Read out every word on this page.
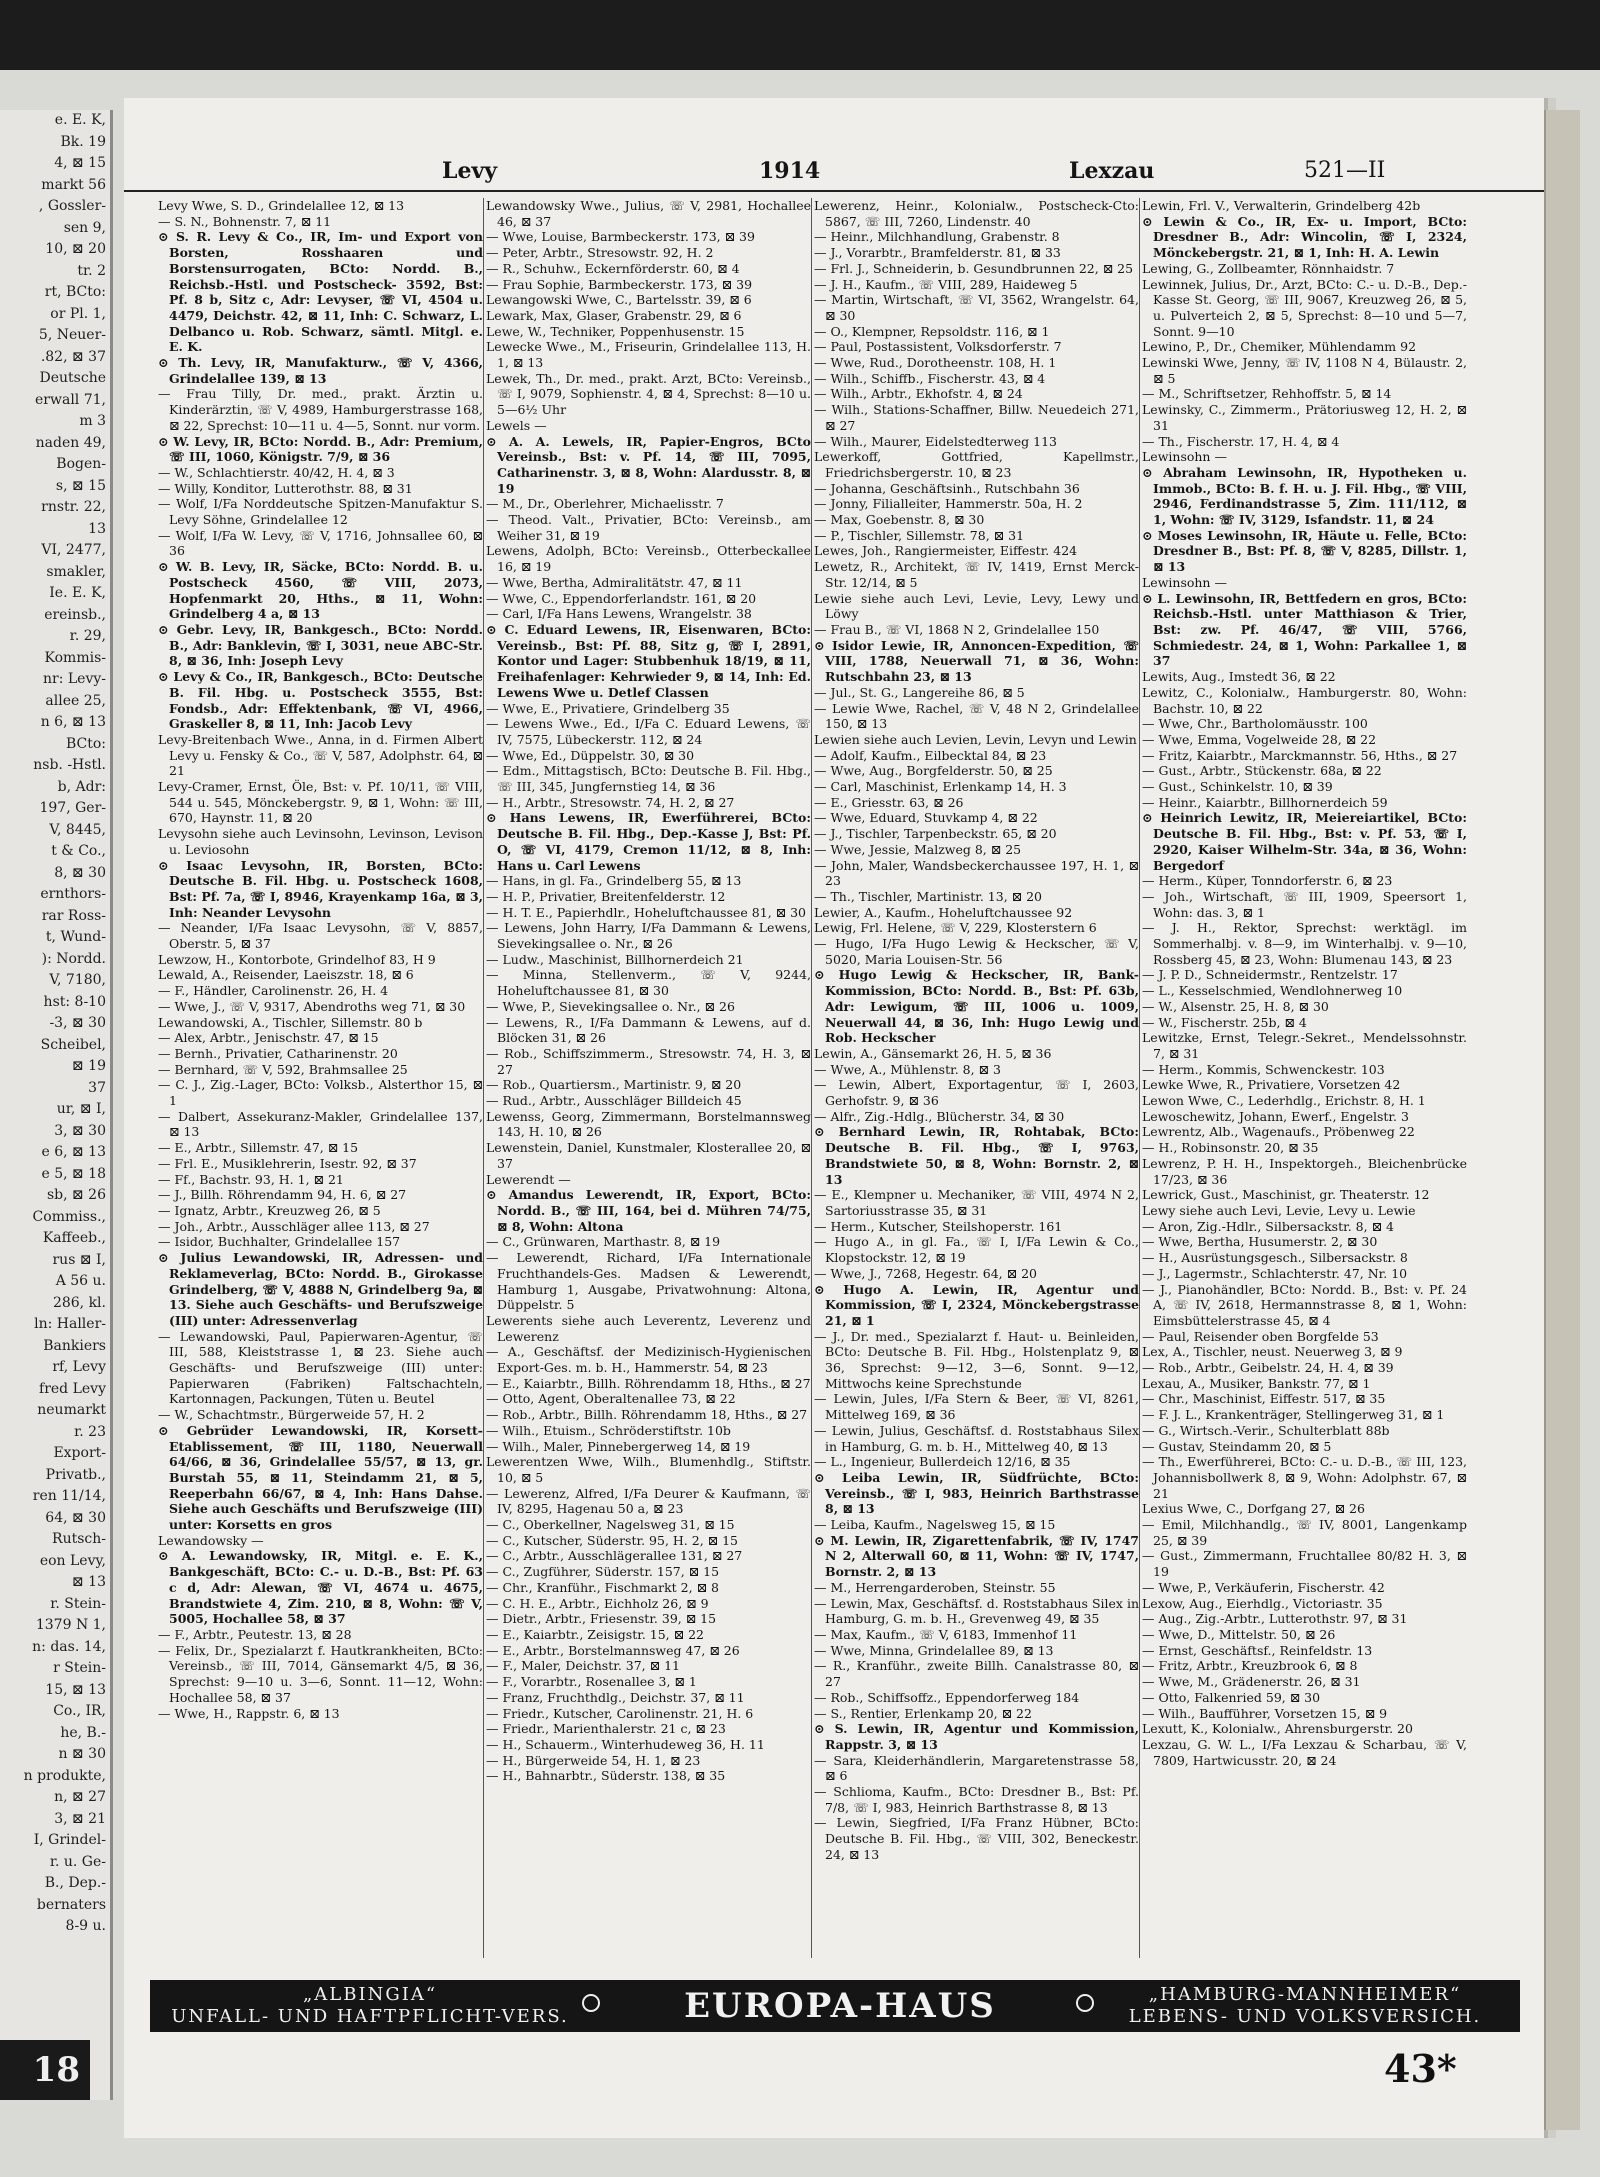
e. E. K,
Bk. 19
4, ⊠ 15
markt 56
, Gossler-
sen 9,
10, ⊠ 20
tr. 2
rt, BCto:
or Pl. 1,
5, Neuer-
.82, ⊠ 37
Deutsche
erwall 71,
m 3
naden 49,
Bogen-
s, ⊠ 15
rnstr. 22,
13
VI, 2477,
smakler,
Ie. E. K,
ereinsb.,
r. 29,
Kommis-
nr: Levy-
allee 25,
n 6, ⊠ 13
BCto:
nsb. -Hstl.
b, Adr:
197, Ger-
V, 8445,
t & Co.,
8, ⊠ 30
ernthors-
rar Ross-
t, Wund-
): Nordd.
V, 7180,
hst: 8-10
-3, ⊠ 30
Scheibel,
⊠ 19
37
ur, ⊠ I,
3, ⊠ 30
e 6, ⊠ 13
e 5, ⊠ 18
sb, ⊠ 26
Commiss.,
Kaffeeb.,
rus ⊠ I,
A 56 u.
286, kl.
ln: Haller-
Bankiers
rf, Levy
fred Levy
neumarkt
r. 23
Export-
Privatb.,
ren 11/14,
64, ⊠ 30
Rutsch-
eon Levy,
⊠ 13
r. Stein-
1379 N 1,
n: das. 14,
r Stein-
15, ⊠ 13
Co., IR,
he, B.-
n ⊠ 30
n produkte,
n, ⊠ 27
3, ⊠ 21
I, Grindel-
r. u. Ge-
B., Dep.-
bernaters
8-9 u.
18
Levy	1914	Lexzau	521—II

Levy Wwe, S. D., Grindelallee 12, ⊠ 13

— S. N., Bohnenstr. 7, ⊠ 11

⊙ S. R. Levy & Co., IR, Im- und Export von Borsten, Rosshaaren und Borstensurrogaten, BCto: Nordd. B., Reichsb.-Hstl. und Postscheck- 3592, Bst: Pf. 8 b, Sitz c, Adr: Levyser, ☏ VI, 4504 u. 4479, Deichstr. 42, ⊠ 11, Inh: C. Schwarz, L. Delbanco u. Rob. Schwarz, sämtl. Mitgl. e. E. K.

⊙ Th. Levy, IR, Manufakturw., ☏ V, 4366, Grindelallee 139, ⊠ 13

— Frau Tilly, Dr. med., prakt. Ärztin u. Kinderärztin, ☏ V, 4989, Hamburgerstrasse 168, ⊠ 22, Sprechst: 10—11 u. 4—5, Sonnt. nur vorm.

⊙ W. Levy, IR, BCto: Nordd. B., Adr: Premium, ☏ III, 1060, Königstr. 7/9, ⊠ 36

— W., Schlachtierstr. 40/42, H. 4, ⊠ 3

— Willy, Konditor, Lutterothstr. 88, ⊠ 31

— Wolf, I/Fa Norddeutsche Spitzen-Manufaktur S. Levy Söhne, Grindelallee 12

— Wolf, I/Fa W. Levy, ☏ V, 1716, Johnsallee 60, ⊠ 36

⊙ W. B. Levy, IR, Säcke, BCto: Nordd. B. u. Postscheck 4560, ☏ VIII, 2073, Hopfenmarkt 20, Hths., ⊠ 11, Wohn: Grindelberg 4 a, ⊠ 13

⊙ Gebr. Levy, IR, Bankgesch., BCto: Nordd. B., Adr: Banklevin, ☏ I, 3031, neue ABC-Str. 8, ⊠ 36, Inh: Joseph Levy

⊙ Levy & Co., IR, Bankgesch., BCto: Deutsche B. Fil. Hbg. u. Postscheck 3555, Bst: Fondsb., Adr: Effektenbank, ☏ VI, 4966, Graskeller 8, ⊠ 11, Inh: Jacob Levy

Levy-Breitenbach Wwe., Anna, in d. Firmen Albert Levy u. Fensky & Co., ☏ V, 587, Adolphstr. 64, ⊠ 21

Levy-Cramer, Ernst, Öle, Bst: v. Pf. 10/11, ☏ VIII, 544 u. 545, Mönckebergstr. 9, ⊠ 1, Wohn: ☏ III, 670, Haynstr. 11, ⊠ 20

Levysohn siehe auch Levinsohn, Levinson, Levison u. Leviosohn

⊙ Isaac Levysohn, IR, Borsten, BCto: Deutsche B. Fil. Hbg. u. Postscheck 1608, Bst: Pf. 7a, ☏ I, 8946, Krayenkamp 16a, ⊠ 3, Inh: Neander Levysohn

— Neander, I/Fa Isaac Levysohn, ☏ V, 8857, Oberstr. 5, ⊠ 37

Lewzow, H., Kontorbote, Grindelhof 83, H 9

Lewald, A., Reisender, Laeiszstr. 18, ⊠ 6

— F., Händler, Carolinenstr. 26, H. 4

— Wwe, J., ☏ V, 9317, Abendroths weg 71, ⊠ 30

Lewandowski, A., Tischler, Sillemstr. 80 b

— Alex, Arbtr., Jenischstr. 47, ⊠ 15

— Bernh., Privatier, Catharinenstr. 20

— Bernhard, ☏ V, 592, Brahmsallee 25

— C. J., Zig.-Lager, BCto: Volksb., Alsterthor 15, ⊠ 1

— Dalbert, Assekuranz-Makler, Grindelallee 137, ⊠ 13

— E., Arbtr., Sillemstr. 47, ⊠ 15

— Frl. E., Musiklehrerin, Isestr. 92, ⊠ 37

— Ff., Bachstr. 93, H. 1, ⊠ 21

— J., Billh. Röhrendamm 94, H. 6, ⊠ 27

— Ignatz, Arbtr., Kreuzweg 26, ⊠ 5

— Joh., Arbtr., Ausschläger allee 113, ⊠ 27

— Isidor, Buchhalter, Grindelallee 157

⊙ Julius Lewandowski, IR, Adressen- und Reklameverlag, BCto: Nordd. B., Girokasse Grindelberg, ☏ V, 4888 N, Grindelberg 9a, ⊠ 13. Siehe auch Geschäfts- und Berufszweige (III) unter: Adressenverlag

— Lewandowski, Paul, Papierwaren-Agentur, ☏ III, 588, Kleiststrasse 1, ⊠ 23. Siehe auch Geschäfts- und Berufszweige (III) unter: Papierwaren (Fabriken) Faltschachteln, Kartonnagen, Packungen, Tüten u. Beutel

— W., Schachtmstr., Bürgerweide 57, H. 2

⊙ Gebrüder Lewandowski, IR, Korsett-Etablissement, ☏ III, 1180, Neuerwall 64/66, ⊠ 36, Grindelallee 55/57, ⊠ 13, gr. Burstah 55, ⊠ 11, Steindamm 21, ⊠ 5, Reeperbahn 66/67, ⊠ 4, Inh: Hans Dahse. Siehe auch Geschäfts und Berufszweige (III) unter: Korsetts en gros

Lewandowsky —

⊙ A. Lewandowsky, IR, Mitgl. e. E. K., Bankgeschäft, BCto: C.- u. D.-B., Bst: Pf. 63 c d, Adr: Alewan, ☏ VI, 4674 u. 4675, Brandstwiete 4, Zim. 210, ⊠ 8, Wohn: ☏ V, 5005, Hochallee 58, ⊠ 37

— F., Arbtr., Peutestr. 13, ⊠ 28

— Felix, Dr., Spezialarzt f. Hautkrankheiten, BCto: Vereinsb., ☏ III, 7014, Gänsemarkt 4/5, ⊠ 36, Sprechst: 9—10 u. 3—6, Sonnt. 11—12, Wohn: Hochallee 58, ⊠ 37

— Wwe, H., Rappstr. 6, ⊠ 13

Lewandowsky Wwe., Julius, ☏ V, 2981, Hochallee 46, ⊠ 37

— Wwe, Louise, Barmbeckerstr. 173, ⊠ 39

— Peter, Arbtr., Stresowstr. 92, H. 2

— R., Schuhw., Eckernförderstr. 60, ⊠ 4

— Frau Sophie, Barmbeckerstr. 173, ⊠ 39

Lewangowski Wwe, C., Bartelsstr. 39, ⊠ 6

Lewark, Max, Glaser, Grabenstr. 29, ⊠ 6

Lewe, W., Techniker, Poppenhusenstr. 15

Lewecke Wwe., M., Friseurin, Grindelallee 113, H. 1, ⊠ 13

Lewek, Th., Dr. med., prakt. Arzt, BCto: Vereinsb., ☏ I, 9079, Sophienstr. 4, ⊠ 4, Sprechst: 8—10 u. 5—6½ Uhr

Lewels —

⊙ A. A. Lewels, IR, Papier-Engros, BCto Vereinsb., Bst: v. Pf. 14, ☏ III, 7095, Catharinenstr. 3, ⊠ 8, Wohn: Alardusstr. 8, ⊠ 19

— M., Dr., Oberlehrer, Michaelisstr. 7

— Theod. Valt., Privatier, BCto: Vereinsb., am Weiher 31, ⊠ 19

Lewens, Adolph, BCto: Vereinsb., Otterbeckallee 16, ⊠ 19

— Wwe, Bertha, Admiralitätstr. 47, ⊠ 11

— Wwe, C., Eppendorferlandstr. 161, ⊠ 20

— Carl, I/Fa Hans Lewens, Wrangelstr. 38

⊙ C. Eduard Lewens, IR, Eisenwaren, BCto: Vereinsb., Bst: Pf. 88, Sitz g, ☏ I, 2891, Kontor und Lager: Stubbenhuk 18/19, ⊠ 11, Freihafenlager: Kehrwieder 9, ⊠ 14, Inh: Ed. Lewens Wwe u. Detlef Classen

— Wwe, E., Privatiere, Grindelberg 35

— Lewens Wwe., Ed., I/Fa C. Eduard Lewens, ☏ IV, 7575, Lübeckerstr. 112, ⊠ 24

— Wwe, Ed., Düppelstr. 30, ⊠ 30

— Edm., Mittagstisch, BCto: Deutsche B. Fil. Hbg., ☏ III, 345, Jungfernstieg 14, ⊠ 36

— H., Arbtr., Stresowstr. 74, H. 2, ⊠ 27

⊙ Hans Lewens, IR, Ewerführerei, BCto: Deutsche B. Fil. Hbg., Dep.-Kasse J, Bst: Pf. O, ☏ VI, 4179, Cremon 11/12, ⊠ 8, Inh: Hans u. Carl Lewens

— Hans, in gl. Fa., Grindelberg 55, ⊠ 13

— H. P., Privatier, Breitenfelderstr. 12

— H. T. E., Papierhdlr., Hoheluftchaussee 81, ⊠ 30

— Lewens, John Harry, I/Fa Dammann & Lewens, Sievekingsallee o. Nr., ⊠ 26

— Ludw., Maschinist, Billhornerdeich 21

— Minna, Stellenverm., ☏ V, 9244, Hoheluftchaussee 81, ⊠ 30

— Wwe, P., Sievekingsallee o. Nr., ⊠ 26

— Lewens, R., I/Fa Dammann & Lewens, auf d. Blöcken 31, ⊠ 26

— Rob., Schiffszimmerm., Stresowstr. 74, H. 3, ⊠ 27

— Rob., Quartiersm., Martinistr. 9, ⊠ 20

— Rud., Arbtr., Ausschläger Billdeich 45

Lewenss, Georg, Zimmermann, Borstelmannsweg 143, H. 10, ⊠ 26

Lewenstein, Daniel, Kunstmaler, Klosterallee 20, ⊠ 37

Lewerendt —

⊙ Amandus Lewerendt, IR, Export, BCto: Nordd. B., ☏ III, 164, bei d. Mühren 74/75, ⊠ 8, Wohn: Altona

— C., Grünwaren, Marthastr. 8, ⊠ 19

— Lewerendt, Richard, I/Fa Internationale Fruchthandels-Ges. Madsen & Lewerendt, Hamburg 1, Ausgabe, Privatwohnung: Altona, Düppelstr. 5

Lewerents siehe auch Leverentz, Leverenz und Lewerenz

— A., Geschäftsf. der Medizinisch-Hygienischen Export-Ges. m. b. H., Hammerstr. 54, ⊠ 23

— E., Kaiarbtr., Billh. Röhrendamm 18, Hths., ⊠ 27

— Otto, Agent, Oberaltenallee 73, ⊠ 22

— Rob., Arbtr., Billh. Röhrendamm 18, Hths., ⊠ 27

— Wilh., Etuism., Schröderstiftstr. 10b

— Wilh., Maler, Pinnebergerweg 14, ⊠ 19

Lewerentzen Wwe, Wilh., Blumenhdlg., Stiftstr. 10, ⊠ 5

— Lewerenz, Alfred, I/Fa Deurer & Kaufmann, ☏ IV, 8295, Hagenau 50 a, ⊠ 23

— C., Oberkellner, Nagelsweg 31, ⊠ 15

— C., Kutscher, Süderstr. 95, H. 2, ⊠ 15

— C., Arbtr., Ausschlägerallee 131, ⊠ 27

— C., Zugführer, Süderstr. 157, ⊠ 15

— Chr., Kranführ., Fischmarkt 2, ⊠ 8

— C. H. E., Arbtr., Eichholz 26, ⊠ 9

— Dietr., Arbtr., Friesenstr. 39, ⊠ 15

— E., Kaiarbtr., Zeisigstr. 15, ⊠ 22

— E., Arbtr., Borstelmannsweg 47, ⊠ 26

— F., Maler, Deichstr. 37, ⊠ 11

— F., Vorarbtr., Rosenallee 3, ⊠ 1

— Franz, Fruchthdlg., Deichstr. 37, ⊠ 11

— Friedr., Kutscher, Carolinenstr. 21, H. 6

— Friedr., Marienthalerstr. 21 c, ⊠ 23

— H., Schauerm., Winterhudeweg 36, H. 11

— H., Bürgerweide 54, H. 1, ⊠ 23

— H., Bahnarbtr., Süderstr. 138, ⊠ 35

Lewerenz, Heinr., Kolonialw., Postscheck-Cto: 5867, ☏ III, 7260, Lindenstr. 40

— Heinr., Milchhandlung, Grabenstr. 8

— J., Vorarbtr., Bramfelderstr. 81, ⊠ 33

— Frl. J., Schneiderin, b. Gesundbrunnen 22, ⊠ 25

— J. H., Kaufm., ☏ VIII, 289, Haideweg 5

— Martin, Wirtschaft, ☏ VI, 3562, Wrangelstr. 64, ⊠ 30

— O., Klempner, Repsoldstr. 116, ⊠ 1

— Paul, Postassistent, Volksdorferstr. 7

— Wwe, Rud., Dorotheenstr. 108, H. 1

— Wilh., Schiffb., Fischerstr. 43, ⊠ 4

— Wilh., Arbtr., Ekhofstr. 4, ⊠ 24

— Wilh., Stations-Schaffner, Billw. Neuedeich 271, ⊠ 27

— Wilh., Maurer, Eidelstedterweg 113

Lewerkoff, Gottfried, Kapellmstr., Friedrichsbergerstr. 10, ⊠ 23

— Johanna, Geschäftsinh., Rutschbahn 36

— Jonny, Filialleiter, Hammerstr. 50a, H. 2

— Max, Goebenstr. 8, ⊠ 30

— P., Tischler, Sillemstr. 78, ⊠ 31

Lewes, Joh., Rangiermeister, Eiffestr. 424

Lewetz, R., Architekt, ☏ IV, 1419, Ernst Merck-Str. 12/14, ⊠ 5

Lewie siehe auch Levi, Levie, Levy, Lewy und Löwy

— Frau B., ☏ VI, 1868 N 2, Grindelallee 150

⊙ Isidor Lewie, IR, Annoncen-Expedition, ☏ VIII, 1788, Neuerwall 71, ⊠ 36, Wohn: Rutschbahn 23, ⊠ 13

— Jul., St. G., Langereihe 86, ⊠ 5

— Lewie Wwe, Rachel, ☏ V, 48 N 2, Grindelallee 150, ⊠ 13

Lewien siehe auch Levien, Levin, Levyn und Lewin

— Adolf, Kaufm., Eilbecktal 84, ⊠ 23

— Wwe, Aug., Borgfelderstr. 50, ⊠ 25

— Carl, Maschinist, Erlenkamp 14, H. 3

— E., Griesstr. 63, ⊠ 26

— Wwe, Eduard, Stuvkamp 4, ⊠ 22

— J., Tischler, Tarpenbeckstr. 65, ⊠ 20

— Wwe, Jessie, Malzweg 8, ⊠ 25

— John, Maler, Wandsbeckerchaussee 197, H. 1, ⊠ 23

— Th., Tischler, Martinistr. 13, ⊠ 20

Lewier, A., Kaufm., Hoheluftchaussee 92

Lewig, Frl. Helene, ☏ V, 229, Klosterstern 6

— Hugo, I/Fa Hugo Lewig & Heckscher, ☏ V, 5020, Maria Louisen-Str. 56

⊙ Hugo Lewig & Heckscher, IR, Bank-Kommission, BCto: Nordd. B., Bst: Pf. 63b, Adr: Lewigum, ☏ III, 1006 u. 1009, Neuerwall 44, ⊠ 36, Inh: Hugo Lewig und Rob. Heckscher

Lewin, A., Gänsemarkt 26, H. 5, ⊠ 36

— Wwe, A., Mühlenstr. 8, ⊠ 3

— Lewin, Albert, Exportagentur, ☏ I, 2603, Gerhofstr. 9, ⊠ 36

— Alfr., Zig.-Hdlg., Blücherstr. 34, ⊠ 30

⊙ Bernhard Lewin, IR, Rohtabak, BCto: Deutsche B. Fil. Hbg., ☏ I, 9763, Brandstwiete 50, ⊠ 8, Wohn: Bornstr. 2, ⊠ 13

— E., Klempner u. Mechaniker, ☏ VIII, 4974 N 2, Sartoriusstrasse 35, ⊠ 31

— Herm., Kutscher, Steilshoperstr. 161

— Hugo A., in gl. Fa., ☏ I, I/Fa Lewin & Co., Klopstockstr. 12, ⊠ 19

— Wwe, J., 7268, Hegestr. 64, ⊠ 20

⊙ Hugo A. Lewin, IR, Agentur und Kommission, ☏ I, 2324, Mönckebergstrasse 21, ⊠ 1

— J., Dr. med., Spezialarzt f. Haut- u. Beinleiden, BCto: Deutsche B. Fil. Hbg., Holstenplatz 9, ⊠ 36, Sprechst: 9—12, 3—6, Sonnt. 9—12, Mittwochs keine Sprechstunde

— Lewin, Jules, I/Fa Stern & Beer, ☏ VI, 8261, Mittelweg 169, ⊠ 36

— Lewin, Julius, Geschäftsf. d. Roststabhaus Silex in Hamburg, G. m. b. H., Mittelweg 40, ⊠ 13

— L., Ingenieur, Bullerdeich 12/16, ⊠ 35

⊙ Leiba Lewin, IR, Südfrüchte, BCto: Vereinsb., ☏ I, 983, Heinrich Barthstrasse 8, ⊠ 13

— Leiba, Kaufm., Nagelsweg 15, ⊠ 15

⊙ M. Lewin, IR, Zigarettenfabrik, ☏ IV, 1747 N 2, Alterwall 60, ⊠ 11, Wohn: ☏ IV, 1747, Bornstr. 2, ⊠ 13

— M., Herrengarderoben, Steinstr. 55

— Lewin, Max, Geschäftsf. d. Roststabhaus Silex in Hamburg, G. m. b. H., Grevenweg 49, ⊠ 35

— Max, Kaufm., ☏ V, 6183, Immenhof 11

— Wwe, Minna, Grindelallee 89, ⊠ 13

— R., Kranführ., zweite Billh. Canalstrasse 80, ⊠ 27

— Rob., Schiffsoffz., Eppendorferweg 184

— S., Rentier, Erlenkamp 20, ⊠ 22

⊙ S. Lewin, IR, Agentur und Kommission, Rappstr. 3, ⊠ 13

— Sara, Kleiderhändlerin, Margaretenstrasse 58, ⊠ 6

— Schlioma, Kaufm., BCto: Dresdner B., Bst: Pf. 7/8, ☏ I, 983, Heinrich Barthstrasse 8, ⊠ 13

— Lewin, Siegfried, I/Fa Franz Hübner, BCto: Deutsche B. Fil. Hbg., ☏ VIII, 302, Beneckestr. 24, ⊠ 13

Lewin, Frl. V., Verwalterin, Grindelberg 42b

⊙ Lewin & Co., IR, Ex- u. Import, BCto: Dresdner B., Adr: Wincolin, ☏ I, 2324, Mönckebergstr. 21, ⊠ 1, Inh: H. A. Lewin

Lewing, G., Zollbeamter, Rönnhaidstr. 7

Lewinnek, Julius, Dr., Arzt, BCto: C.- u. D.-B., Dep.-Kasse St. Georg, ☏ III, 9067, Kreuzweg 26, ⊠ 5, u. Pulverteich 2, ⊠ 5, Sprechst: 8—10 und 5—7, Sonnt. 9—10

Lewino, P., Dr., Chemiker, Mühlendamm 92

Lewinski Wwe, Jenny, ☏ IV, 1108 N 4, Bülaustr. 2, ⊠ 5

— M., Schriftsetzer, Rehhoffstr. 5, ⊠ 14

Lewinsky, C., Zimmerm., Prätoriusweg 12, H. 2, ⊠ 31

— Th., Fischerstr. 17, H. 4, ⊠ 4

Lewinsohn —

⊙ Abraham Lewinsohn, IR, Hypotheken u. Immob., BCto: B. f. H. u. J. Fil. Hbg., ☏ VIII, 2946, Ferdinandstrasse 5, Zim. 111/112, ⊠ 1, Wohn: ☏ IV, 3129, Isfandstr. 11, ⊠ 24

⊙ Moses Lewinsohn, IR, Häute u. Felle, BCto: Dresdner B., Bst: Pf. 8, ☏ V, 8285, Dillstr. 1, ⊠ 13

Lewinsohn —

⊙ L. Lewinsohn, IR, Bettfedern en gros, BCto: Reichsb.-Hstl. unter Matthiason & Trier, Bst: zw. Pf. 46/47, ☏ VIII, 5766, Schmiedestr. 24, ⊠ 1, Wohn: Parkallee 1, ⊠ 37

Lewits, Aug., Imstedt 36, ⊠ 22

Lewitz, C., Kolonialw., Hamburgerstr. 80, Wohn: Bachstr. 10, ⊠ 22

— Wwe, Chr., Bartholomäusstr. 100

— Wwe, Emma, Vogelweide 28, ⊠ 22

— Fritz, Kaiarbtr., Marckmannstr. 56, Hths., ⊠ 27

— Gust., Arbtr., Stückenstr. 68a, ⊠ 22

— Gust., Schinkelstr. 10, ⊠ 39

— Heinr., Kaiarbtr., Billhornerdeich 59

⊙ Heinrich Lewitz, IR, Meiereiartikel, BCto: Deutsche B. Fil. Hbg., Bst: v. Pf. 53, ☏ I, 2920, Kaiser Wilhelm-Str. 34a, ⊠ 36, Wohn: Bergedorf

— Herm., Küper, Tonndorferstr. 6, ⊠ 23

— Joh., Wirtschaft, ☏ III, 1909, Speersort 1, Wohn: das. 3, ⊠ 1

— J. H., Rektor, Sprechst: werktägl. im Sommerhalbj. v. 8—9, im Winterhalbj. v. 9—10, Rossberg 45, ⊠ 23, Wohn: Blumenau 143, ⊠ 23

— J. P. D., Schneidermstr., Rentzelstr. 17

— L., Kesselschmied, Wendlohnerweg 10

— W., Alsenstr. 25, H. 8, ⊠ 30

— W., Fischerstr. 25b, ⊠ 4

Lewitzke, Ernst, Telegr.-Sekret., Mendelssohnstr. 7, ⊠ 31

— Herm., Kommis, Schwenckestr. 103

Lewke Wwe, R., Privatiere, Vorsetzen 42

Lewon Wwe, C., Lederhdlg., Erichstr. 8, H. 1

Lewoschewitz, Johann, Ewerf., Engelstr. 3

Lewrentz, Alb., Wagenaufs., Pröbenweg 22

— H., Robinsonstr. 20, ⊠ 35

Lewrenz, P. H. H., Inspektorgeh., Bleichenbrücke 17/23, ⊠ 36

Lewrick, Gust., Maschinist, gr. Theaterstr. 12

Lewy siehe auch Levi, Levie, Levy u. Lewie

— Aron, Zig.-Hdlr., Silbersackstr. 8, ⊠ 4

— Wwe, Bertha, Husumerstr. 2, ⊠ 30

— H., Ausrüstungsgesch., Silbersackstr. 8

— J., Lagermstr., Schlachterstr. 47, Nr. 10

— J., Pianohändler, BCto: Nordd. B., Bst: v. Pf. 24 A, ☏ IV, 2618, Hermannstrasse 8, ⊠ 1, Wohn: Eimsbüttelerstrasse 45, ⊠ 4

— Paul, Reisender oben Borgfelde 53

Lex, A., Tischler, neust. Neuerweg 3, ⊠ 9

— Rob., Arbtr., Geibelstr. 24, H. 4, ⊠ 39

Lexau, A., Musiker, Bankstr. 77, ⊠ 1

— Chr., Maschinist, Eiffestr. 517, ⊠ 35

— F. J. L., Krankenträger, Stellingerweg 31, ⊠ 1

— G., Wirtsch.-Verir., Schulterblatt 88b

— Gustav, Steindamm 20, ⊠ 5

— Th., Ewerführerei, BCto: C.- u. D.-B., ☏ III, 123, Johannisbollwerk 8, ⊠ 9, Wohn: Adolphstr. 67, ⊠ 21

Lexius Wwe, C., Dorfgang 27, ⊠ 26

— Emil, Milchhandlg., ☏ IV, 8001, Langenkamp 25, ⊠ 39

— Gust., Zimmermann, Fruchtallee 80/82 H. 3, ⊠ 19

— Wwe, P., Verkäuferin, Fischerstr. 42

Lexow, Aug., Eierhdlg., Victoriastr. 35

— Aug., Zig.-Arbtr., Lutterothstr. 97, ⊠ 31

— Wwe, D., Mittelstr. 50, ⊠ 26

— Ernst, Geschäftsf., Reinfeldstr. 13

— Fritz, Arbtr., Kreuzbrook 6, ⊠ 8

— Wwe, M., Grädenerstr. 26, ⊠ 31

— Otto, Falkenried 59, ⊠ 30

— Wilh., Baufführer, Vorsetzen 15, ⊠ 9

Lexutt, K., Kolonialw., Ahrensburgerstr. 20

Lexzau, G. W. L., I/Fa Lexzau & Scharbau, ☏ V, 7809, Hartwicusstr. 20, ⊠ 24

„ALBINGIA“
UNFALL- UND HAFTPFLICHT-VERS.	EUROPA-HAUS	„HAMBURG-MANNHEIMER“
LEBENS- UND VOLKSVERSICH.
43*
